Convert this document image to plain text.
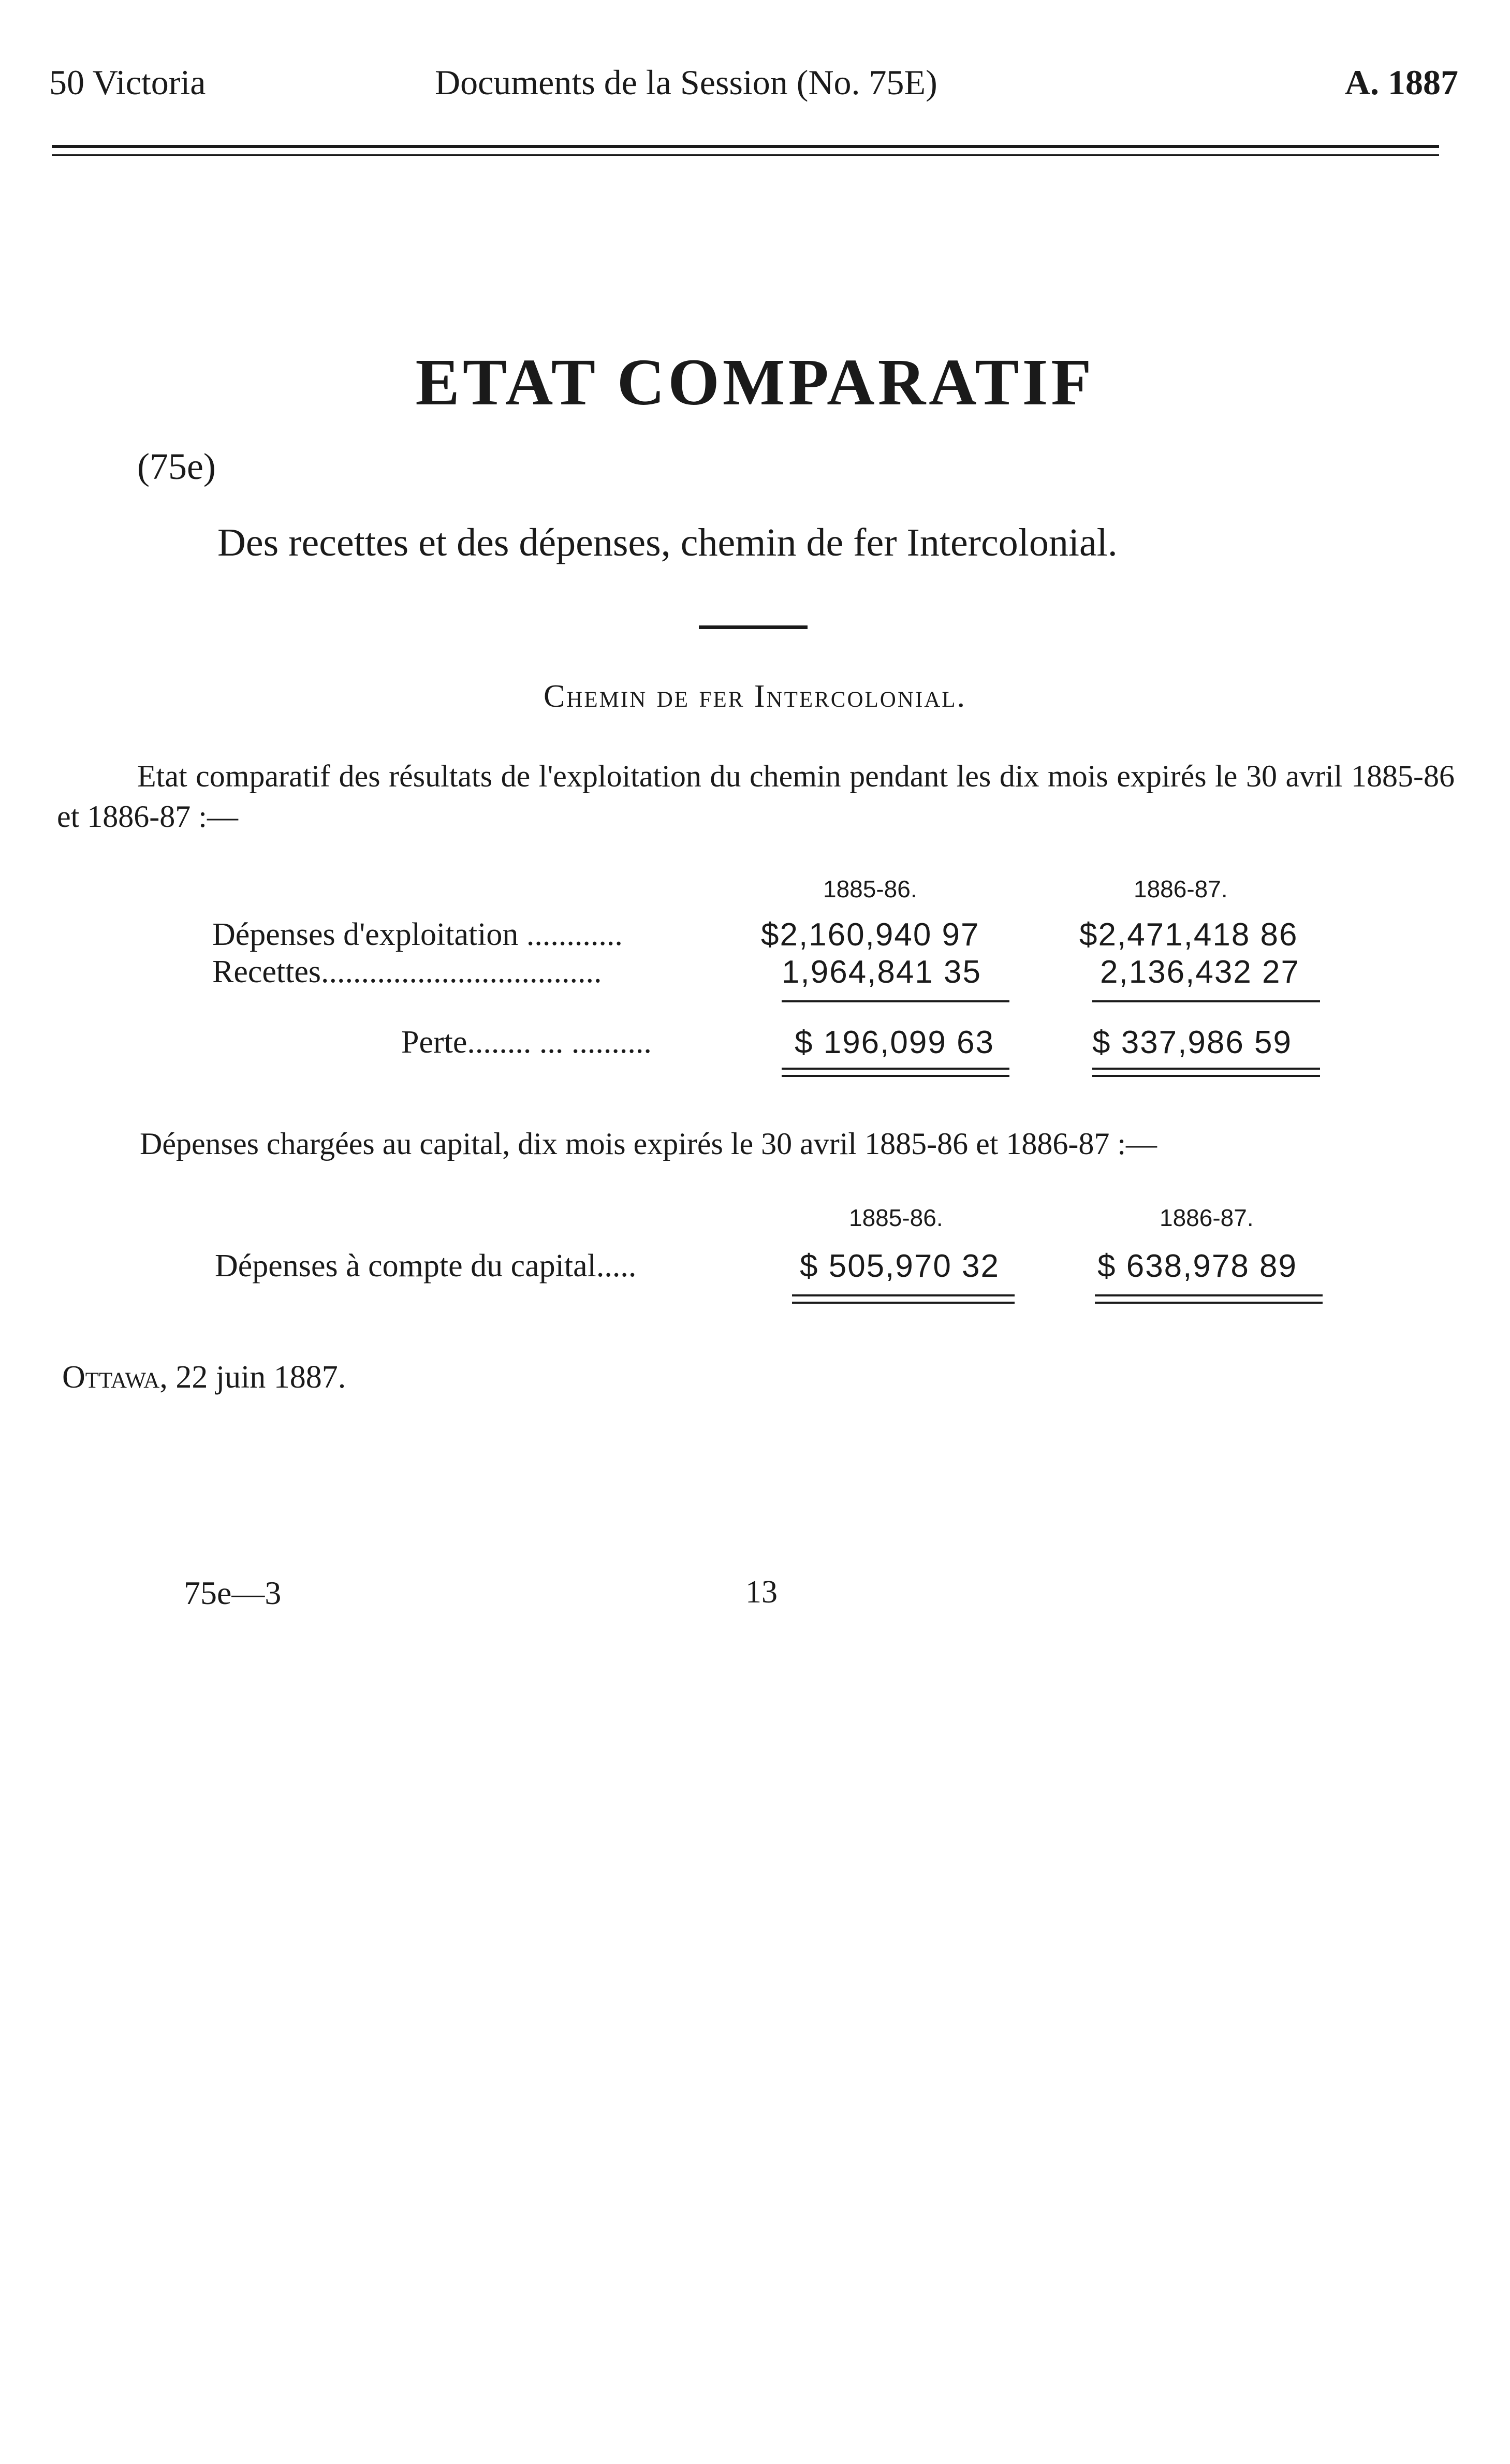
50 Victoria	Documents de la Session (No. 75E)	A. 1887
ETAT COMPARATIF
(75e)
Des recettes et des dépenses, chemin de fer Intercolonial.
Chemin de fer Intercolonial.
Etat comparatif des résultats de l'exploitation du chemin pendant les dix mois expirés le 30 avril 1885-86 et 1886-87 :—
1885-86.	1886-87.
Dépenses d'exploitation ............	$2,160,940 97	$2,471,418 86
Recettes...................................	1,964,841 35	2,136,432 27
Perte........ ... ..........	$ 196,099 63	$ 337,986 59
Dépenses chargées au capital, dix mois expirés le 30 avril 1885-86 et 1886-87 :—
1885-86.	1886-87.
Dépenses à compte du capital.....	$ 505,970 32	$ 638,978 89
Ottawa, 22 juin 1887.
75e—3	13
